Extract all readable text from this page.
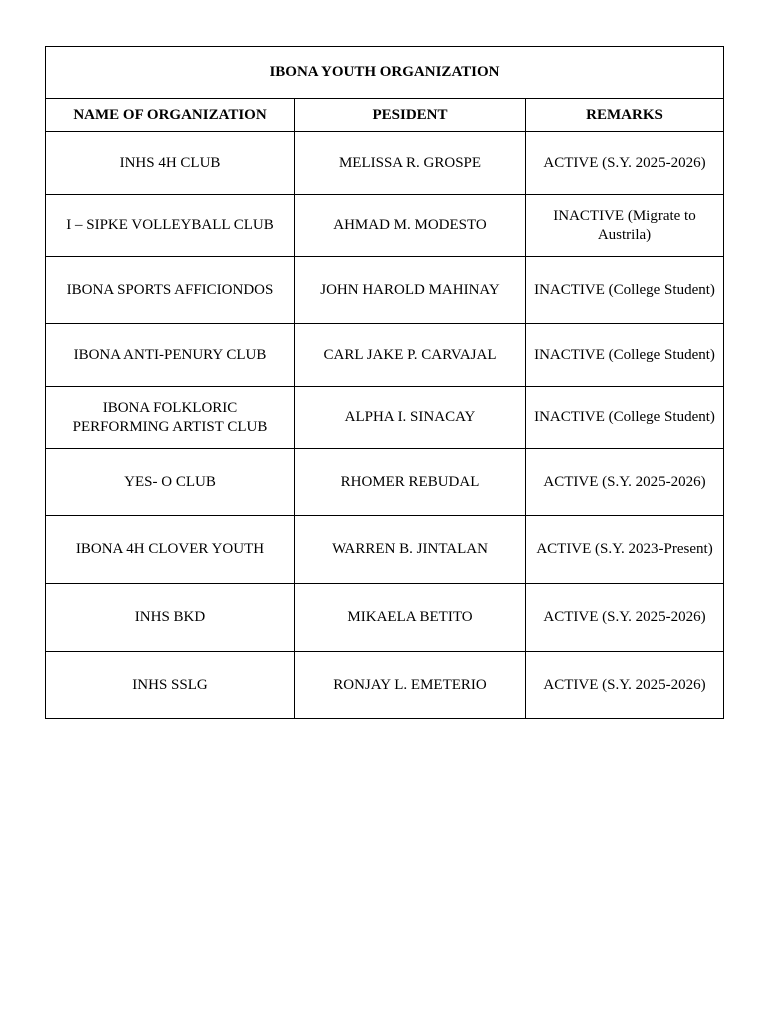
IBONA YOUTH ORGANIZATION		
NAME OF ORGANIZATION	PESIDENT	REMARKS
INHS 4H CLUB	MELISSA R. GROSPE	ACTIVE (S.Y. 2025-2026)
I – SIPKE VOLLEYBALL CLUB	AHMAD M. MODESTO	INACTIVE (Migrate to Austrila)
IBONA SPORTS AFFICIONDOS	JOHN HAROLD MAHINAY	INACTIVE (College Student)
IBONA ANTI-PENURY CLUB	CARL JAKE P. CARVAJAL	INACTIVE (College Student)
IBONA FOLKLORIC PERFORMING ARTIST CLUB	ALPHA I. SINACAY	INACTIVE (College Student)
YES- O CLUB	RHOMER REBUDAL	ACTIVE (S.Y. 2025-2026)
IBONA 4H CLOVER YOUTH	WARREN B. JINTALAN	ACTIVE (S.Y. 2023-Present)
INHS BKD	MIKAELA BETITO	ACTIVE (S.Y. 2025-2026)
INHS SSLG	RONJAY L. EMETERIO	ACTIVE (S.Y. 2025-2026)
